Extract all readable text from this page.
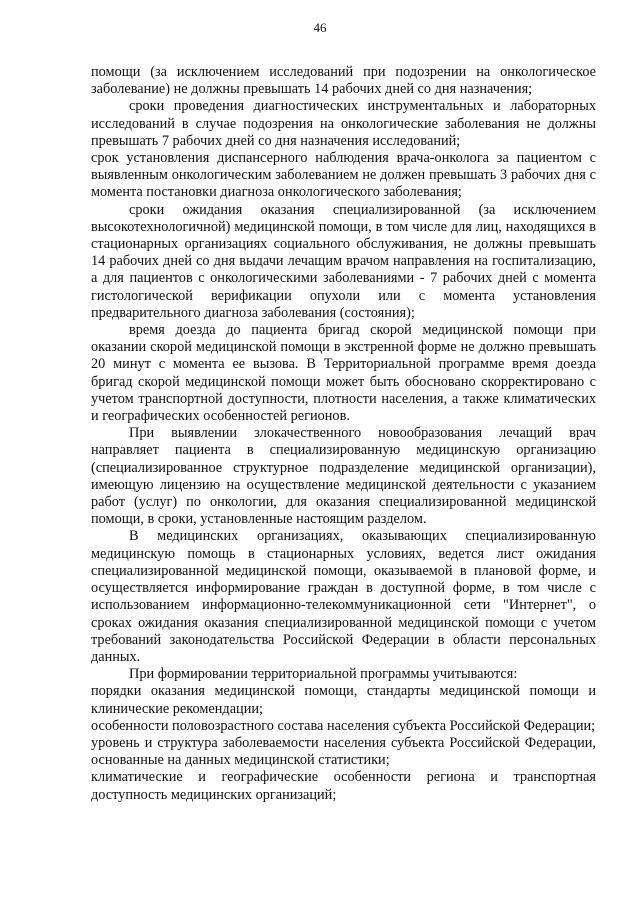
46

помощи (за исключением исследований при подозрении на онкологическое заболевание) не должны превышать 14 рабочих дней со дня назначения;

сроки проведения диагностических инструментальных и лабораторных исследований в случае подозрения на онкологические заболевания не должны превышать 7 рабочих дней со дня назначения исследований;

срок установления диспансерного наблюдения врача-онколога за пациентом с выявленным онкологическим заболеванием не должен превышать 3 рабочих дня с момента постановки диагноза онкологического заболевания;

сроки ожидания оказания специализированной (за исключением высокотехнологичной) медицинской помощи, в том числе для лиц, находящихся в стационарных организациях социального обслуживания, не должны превышать 14 рабочих дней со дня выдачи лечащим врачом направления на госпитализацию, а для пациентов с онкологическими заболеваниями - 7 рабочих дней с момента гистологической верификации опухоли или с момента установления предварительного диагноза заболевания (состояния);

время доезда до пациента бригад скорой медицинской помощи при оказании скорой медицинской помощи в экстренной форме не должно превышать 20 минут с момента ее вызова. В Территориальной программе время доезда бригад скорой медицинской помощи может быть обосновано скорректировано с учетом транспортной доступности, плотности населения, а также климатических и географических особенностей регионов.

При выявлении злокачественного новообразования лечащий врач направляет пациента в специализированную медицинскую организацию (специализированное структурное подразделение медицинской организации), имеющую лицензию на осуществление медицинской деятельности с указанием работ (услуг) по онкологии, для оказания специализированной медицинской помощи, в сроки, установленные настоящим разделом.

В медицинских организациях, оказывающих специализированную медицинскую помощь в стационарных условиях, ведется лист ожидания специализированной медицинской помощи, оказываемой в плановой форме, и осуществляется информирование граждан в доступной форме, в том числе с использованием информационно-телекоммуникационной сети "Интернет", о сроках ожидания оказания специализированной медицинской помощи с учетом требований законодательства Российской Федерации в области персональных данных.

При формировании территориальной программы учитываются:

порядки оказания медицинской помощи, стандарты медицинской помощи и клинические рекомендации;

особенности половозрастного состава населения субъекта Российской Федерации;

уровень и структура заболеваемости населения субъекта Российской Федерации, основанные на данных медицинской статистики;

климатические и географические особенности региона и транспортная доступность медицинских организаций;
